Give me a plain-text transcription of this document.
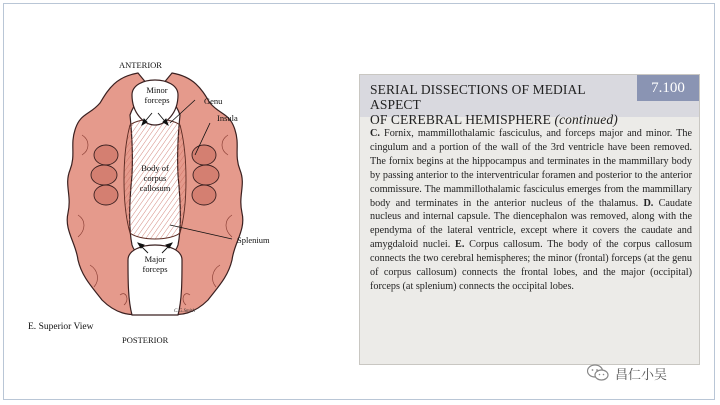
ANTERIOR
Minor
forceps	Genu
Insula
Body of
corpus
callosum
Splenium
Major
forceps
E. Superior View
C.G.Smith
POSTERIOR
SERIAL DISSECTIONS OF MEDIAL ASPECT
OF CEREBRAL HEMISPHERE (continued)
7.100
C. Fornix, mammillothalamic fasciculus, and forceps major and minor. The cingulum and a portion of the wall of the 3rd ventricle have been removed. The fornix begins at the hippocampus and terminates in the mammillary body by passing anterior to the interventricular foramen and posterior to the anterior commissure. The mammillothalamic fasciculus emerges from the mammillary body and terminates in the anterior nucleus of the thalamus. D. Caudate nucleus and internal capsule. The diencephalon was removed, along with the ependyma of the lateral ventricle, except where it covers the caudate and amygdaloid nuclei. E. Corpus callosum. The body of the corpus callosum connects the two cerebral hemispheres; the minor (frontal) forceps (at the genu of corpus callosum) connects the frontal lobes, and the major (occipital) forceps (at splenium) connects the occipital lobes.
昌仁小吴
